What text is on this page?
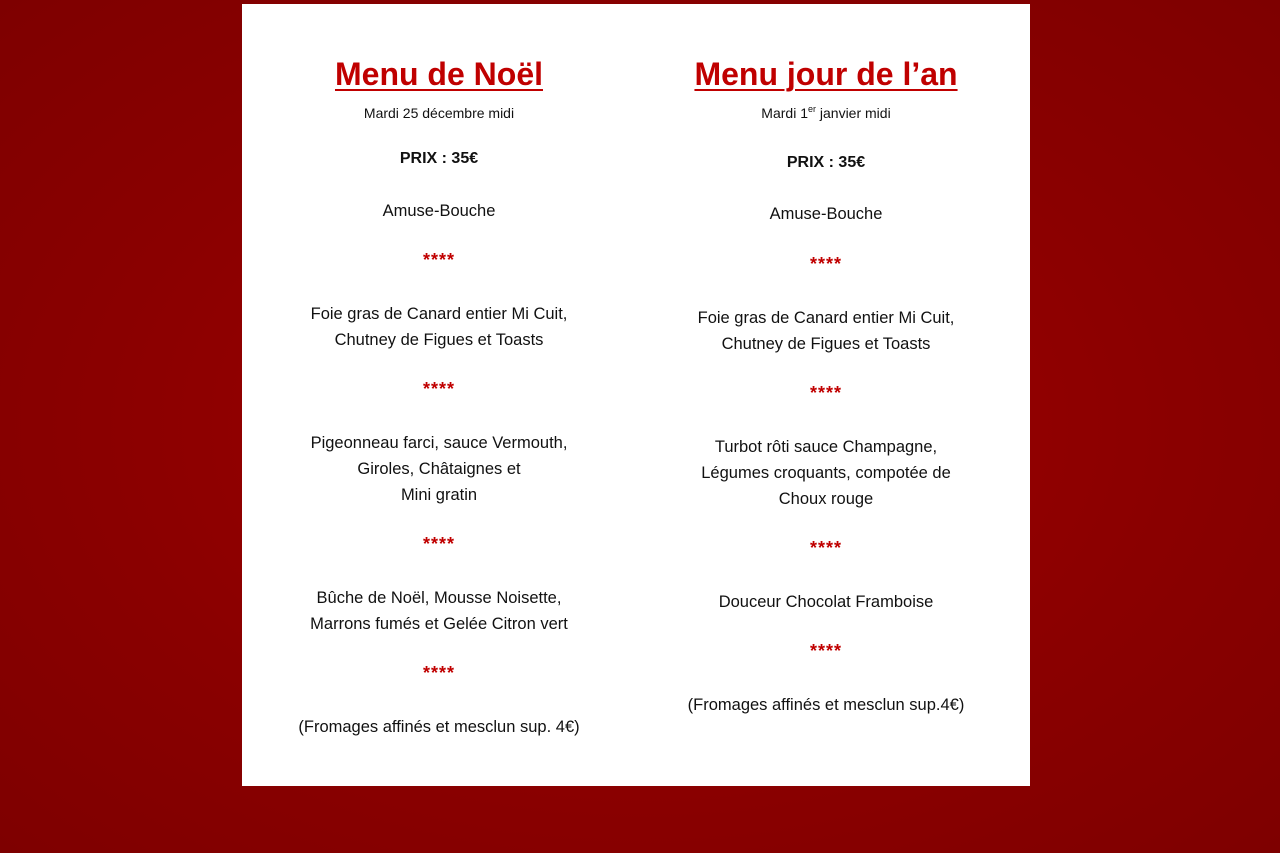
Menu de Noël
Mardi 25 décembre midi
PRIX : 35€
Amuse-Bouche
****
Foie gras de Canard entier Mi Cuit,
Chutney de Figues et Toasts
****
Pigeonneau farci, sauce Vermouth,
Giroles, Châtaignes et
Mini gratin
****
Bûche de Noël, Mousse Noisette,
Marrons fumés et Gelée Citron vert
****
(Fromages affinés et mesclun sup. 4€)
Menu jour de l’an
Mardi 1er janvier midi
PRIX : 35€
Amuse-Bouche
****
Foie gras de Canard entier Mi Cuit,
Chutney de Figues et Toasts
****
Turbot rôti sauce Champagne,
Légumes croquants, compotée de
Choux rouge
****
Douceur Chocolat Framboise
****
(Fromages affinés et mesclun sup.4€)
